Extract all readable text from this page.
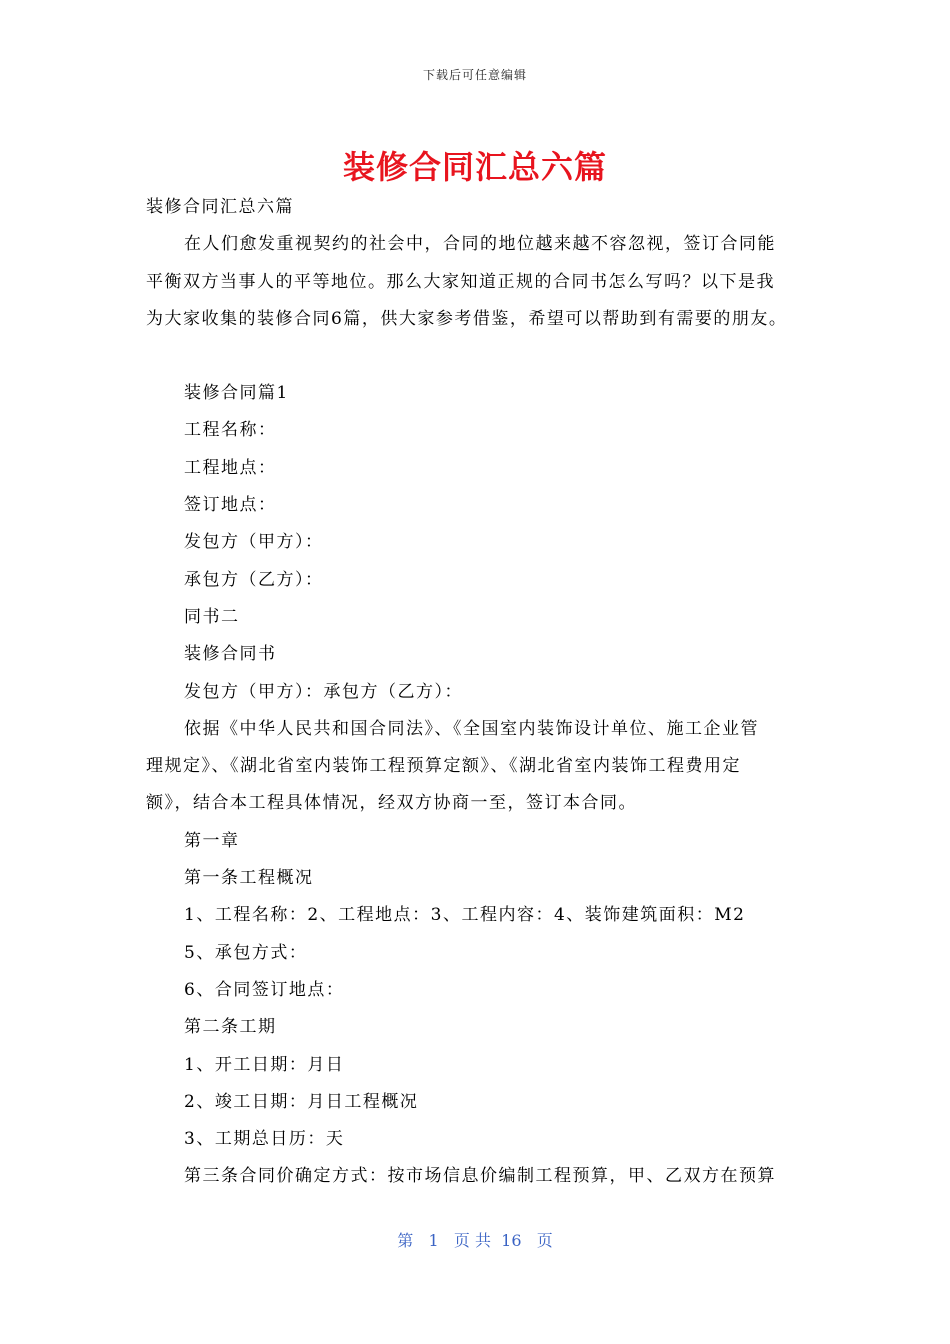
下载后可任意编辑
装修合同汇总六篇

装修合同汇总六篇

在人们愈发重视契约的社会中，合同的地位越来越不容忽视，签订合同能

平衡双方当事人的平等地位。那么大家知道正规的合同书怎么写吗？以下是我

为大家收集的装修合同6篇，供大家参考借鉴，希望可以帮助到有需要的朋友。

装修合同篇1

工程名称：

工程地点：

签订地点：

发包方（甲方）：

承包方（乙方）：

同书二

装修合同书

发包方（甲方）：承包方（乙方）：

依据《中华人民共和国合同法》、《全国室内装饰设计单位、施工企业管

理规定》、《湖北省室内装饰工程预算定额》、《湖北省室内装饰工程费用定

额》，结合本工程具体情况，经双方协商一至，签订本合同。

第一章

第一条工程概况

1、工程名称：2、工程地点：3、工程内容：4、装饰建筑面积：M2

5、承包方式：

6、合同签订地点：

第二条工期

1、开工日期：月日

2、竣工日期：月日工程概况

3、工期总日历：天

第三条合同价确定方式：按市场信息价编制工程预算，甲、乙双方在预算

第   1   页 共  16   页
